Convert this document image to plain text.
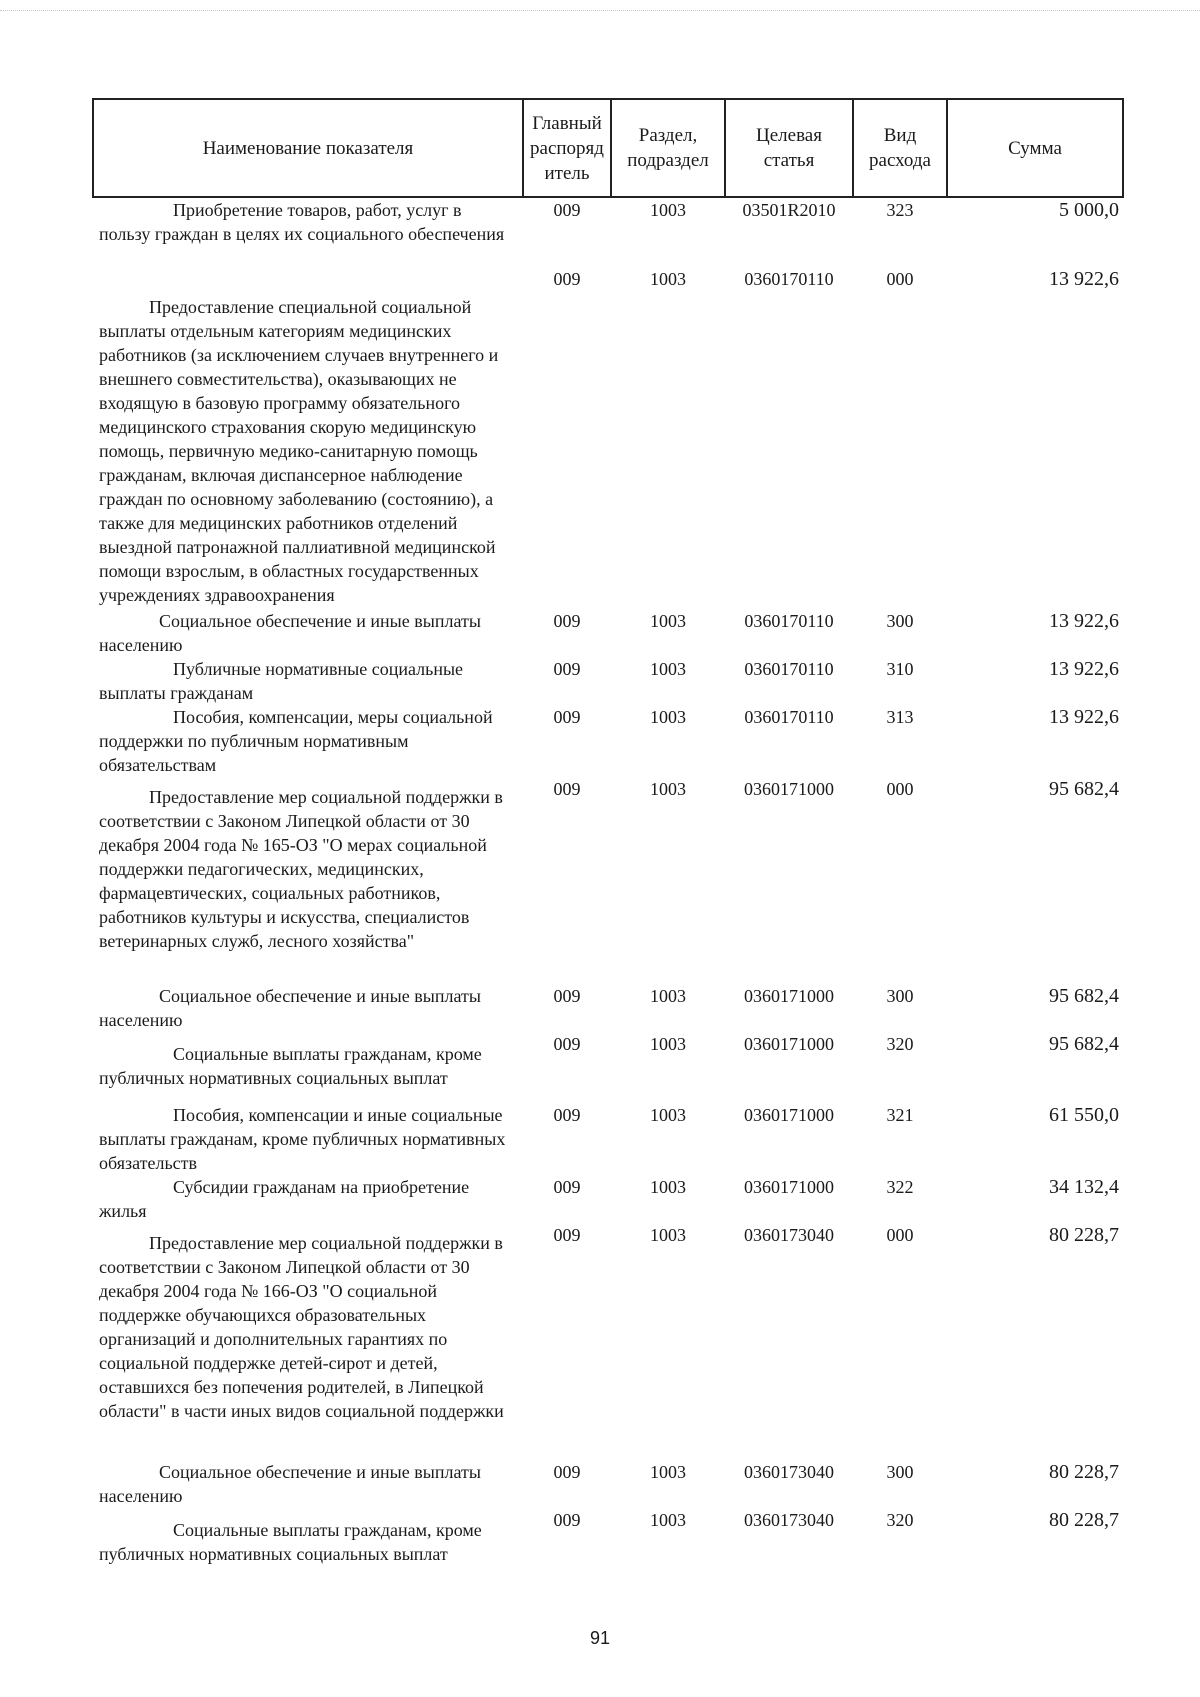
Наименование показателя	Главный распоряд итель	Раздел, подраздел	Целевая статья	Вид расхода	Сумма

Приобретение товаров, работ, услуг в пользу граждан в целях их социального обеспечения	009	1003	03501R2010	323	5 000,0

Предоставление специальной социальной выплаты отдельным категориям медицинских работников (за исключением случаев внутреннего и внешнего совместительства), оказывающих не входящую в базовую программу обязательного медицинского страхования скорую медицинскую помощь, первичную медико-санитарную помощь гражданам, включая диспансерное наблюдение граждан по основному заболеванию (состоянию), а также для медицинских работников отделений выездной патронажной паллиативной медицинской помощи взрослым, в областных государственных учреждениях здравоохранения	009	1003	0360170110	000	13 922,6

Социальное обеспечение и иные выплаты населению	009	1003	0360170110	300	13 922,6

Публичные нормативные социальные выплаты гражданам	009	1003	0360170110	310	13 922,6

Пособия, компенсации, меры социальной поддержки по публичным нормативным обязательствам	009	1003	0360170110	313	13 922,6

Предоставление мер социальной поддержки в соответствии с Законом Липецкой области от 30 декабря 2004 года № 165-ОЗ "О мерах социальной поддержки педагогических, медицинских, фармацевтических, социальных работников, работников культуры и искусства, специалистов ветеринарных служб, лесного хозяйства"	009	1003	0360171000	000	95 682,4

Социальное обеспечение и иные выплаты населению	009	1003	0360171000	300	95 682,4

Социальные выплаты гражданам, кроме публичных нормативных социальных выплат	009	1003	0360171000	320	95 682,4

Пособия, компенсации и иные социальные выплаты гражданам, кроме публичных нормативных обязательств	009	1003	0360171000	321	61 550,0

Субсидии гражданам на приобретение жилья	009	1003	0360171000	322	34 132,4

Предоставление мер социальной поддержки в соответствии с Законом Липецкой области от 30 декабря 2004 года № 166-ОЗ "О социальной поддержке обучающихся образовательных организаций и дополнительных гарантиях по социальной поддержке детей-сирот и детей, оставшихся без попечения родителей, в Липецкой области" в части иных видов социальной поддержки	009	1003	0360173040	000	80 228,7

Социальное обеспечение и иные выплаты населению	009	1003	0360173040	300	80 228,7

Социальные выплаты гражданам, кроме публичных нормативных социальных выплат	009	1003	0360173040	320	80 228,7
91
